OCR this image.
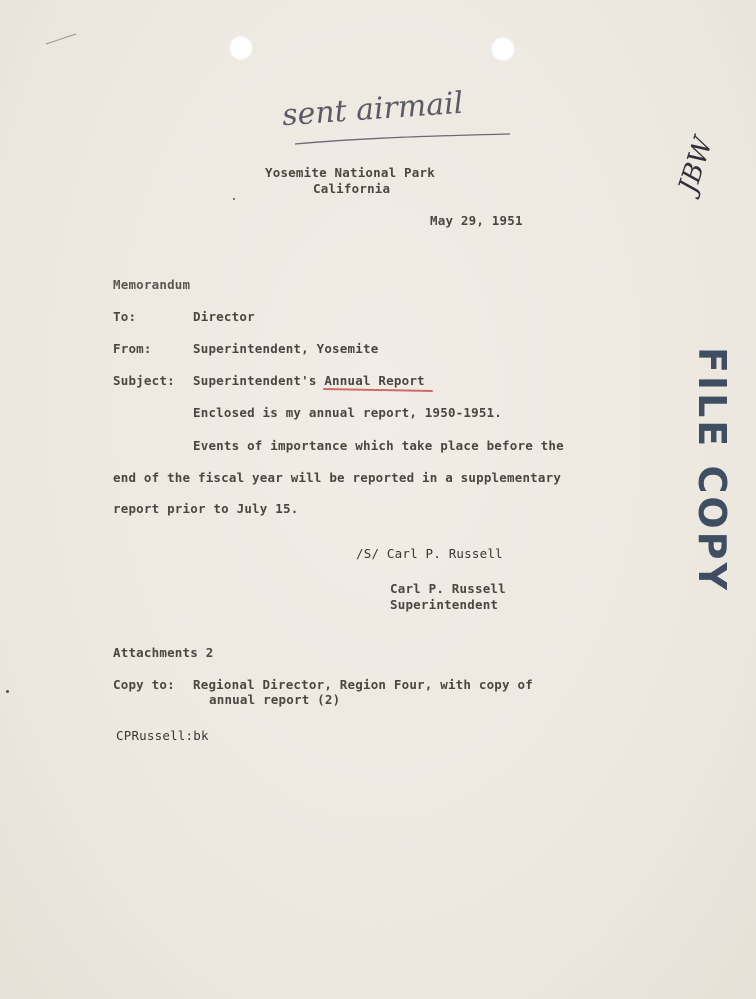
sent airmail
JBW
Yosemite National Park
California
May 29, 1951
Memorandum
To:	Director
From:	Superintendent, Yosemite
Subject: Superintendent's Annual Report
Enclosed is my annual report, 1950-1951.
Events of importance which take place before the
end of the fiscal year will be reported in a supplementary
report prior to July 15.
/S/ Carl P. Russell
Carl P. Russell
Superintendent
Attachments 2
Copy to: Regional Director, Region Four, with copy of
annual report (2)
CPRussell:bk
FILE COPY
